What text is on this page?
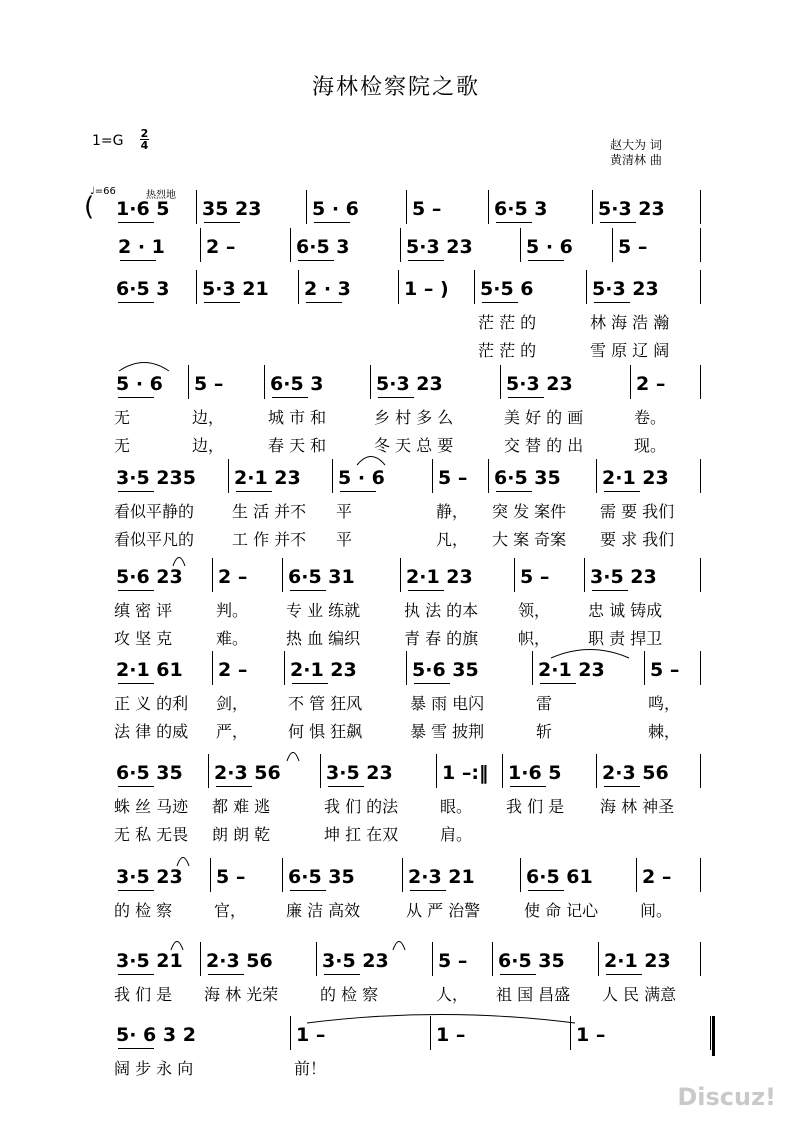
海林检察院之歌
1=G 2
4	赵大为 词
黄清林 曲
♩=66	热烈地
1·6 5	35 23	5 · 6	5 –	6·5 3	5·3 23
2 · 1	2 –	6·5 3	5·3 23	5 · 6	5 –
6·5 3	5·3 21	2 · 3	1 – )	5·5 6	5·3 23
茫 茫 的	林 海 浩 瀚
茫 茫 的	雪 原 辽 阔
5 · 6	5 –	6·5 3	5·3 23	5·3 23	2 –
无	边，	城 市 和	乡 村 多 么	美 好 的 画	卷。
无	边，	春 天 和	冬 天 总 要	交 替 的 出	现。
3·5 235	2·1 23	5 · 6	5 –	6·5 35	2·1 23
看似平静的	生 活 并不	平	静，	突 发 案件	需 要 我们
看似平凡的	工 作 并不	平	凡，	大 案 奇案	要 求 我们
5·6 23	2 –	6·5 31	2·1 23	5 –	3·5 23
缜 密 评	判。	专 业 练就	执 法 的本	领，	忠 诚 铸成
攻 坚 克	难。	热 血 编织	青 春 的旗	帜，	职 责 捍卫
2·1 61	2 –	2·1 23	5·6 35	2·1 23	5 –
正 义 的利	剑，	不 管 狂风	暴 雨 电闪	雷	鸣，
法 律 的威	严，	何 惧 狂飙	暴 雪 披荆	斩	棘，
6·5 35	2·3 56	3·5 23	1 –:‖	1·6 5	2·3 56
蛛 丝 马迹	都 难 逃	我 们 的法	眼。	我 们 是	海 林 神圣
无 私 无畏	朗 朗 乾	坤 扛 在双	肩。
3·5 23	5 –	6·5 35	2·3 21	6·5 61	2 –
的 检 察	官，	廉 洁 高效	从 严 治警	使 命 记心	间。
3·5 21	2·3 56	3·5 23	5 –	6·5 35	2·1 23
我 们 是	海 林 光荣	的 检 察	人，	祖 国 昌盛	人 民 满意
5· 6 3 2	1 –	1 –	1 –
阔 步 永 向	前！
(
Discuz!
